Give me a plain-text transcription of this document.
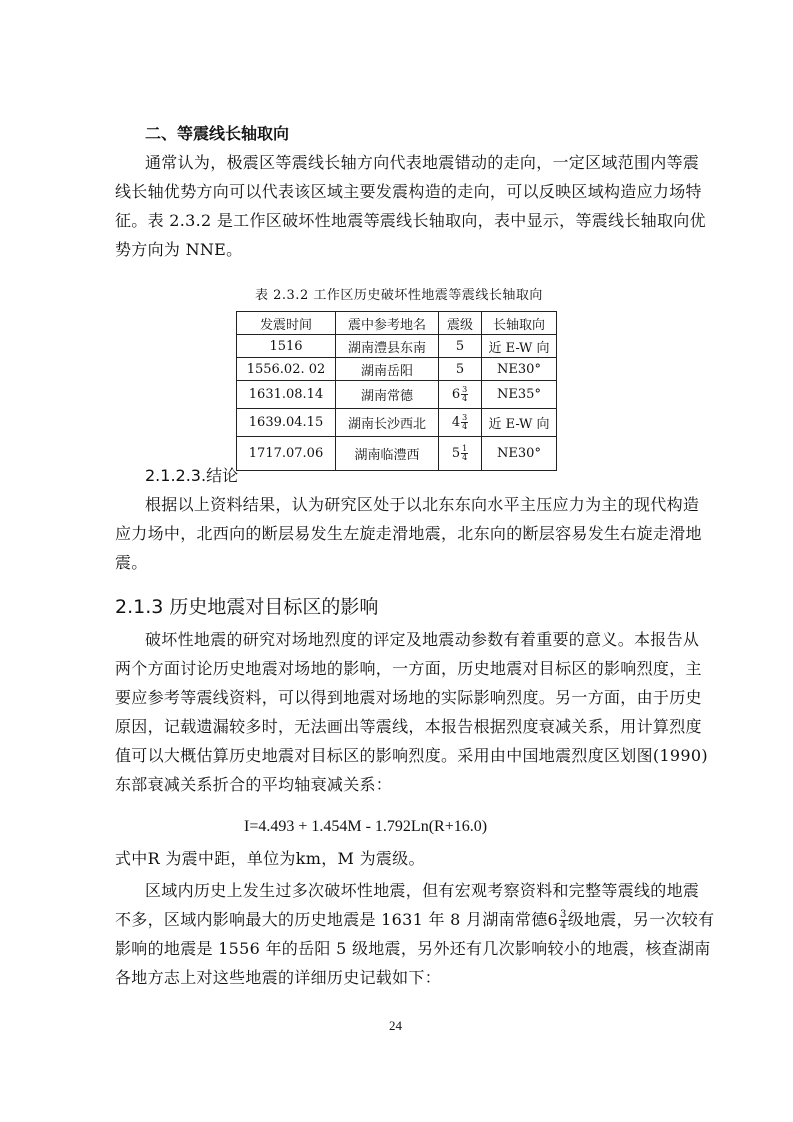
二、等震线长轴取向
通常认为，极震区等震线长轴方向代表地震错动的走向，一定区域范围内等震
线长轴优势方向可以代表该区域主要发震构造的走向，可以反映区域构造应力场特
征。表 2.3.2 是工作区破坏性地震等震线长轴取向，表中显示，等震线长轴取向优
势方向为 NNE。
表 2.3.2 工作区历史破坏性地震等震线长轴取向
发震时间	震中参考地名	震级	长轴取向
1516	湖南澧县东南	5	近 E-W 向
1556.02. 02	湖南岳阳	5	NE30°
1631.08.14	湖南常德	$6 \frac{3}{4}$	NE35°
1639.04.15	湖南长沙西北	$4 \frac{3}{4}$	近 E-W 向
1717.07.06	湖南临澧西	$5 \frac{1}{4}$	NE30°
2.1.2.3.结论
根据以上资料结果，认为研究区处于以北东东向水平主压应力为主的现代构造
应力场中，北西向的断层易发生左旋走滑地震，北东向的断层容易发生右旋走滑地
震。
2.1.3 历史地震对目标区的影响
破坏性地震的研究对场地烈度的评定及地震动参数有着重要的意义。本报告从
两个方面讨论历史地震对场地的影响，一方面，历史地震对目标区的影响烈度，主
要应参考等震线资料，可以得到地震对场地的实际影响烈度。另一方面，由于历史
原因，记载遗漏较多时，无法画出等震线，本报告根据烈度衰减关系，用计算烈度
值可以大概估算历史地震对目标区的影响烈度。采用由中国地震烈度区划图(1990)
东部衰减关系折合的平均轴衰减关系：
I=4.493 + 1.454M - 1.792Ln(R+16.0)
式中R 为震中距，单位为km，M 为震级。
区域内历史上发生过多次破坏性地震，但有宏观考察资料和完整等震线的地震
不多，区域内影响最大的历史地震是 1631 年 8 月湖南常德$6 \frac{3}{4}$ 级地震，另一次较有
影响的地震是 1556 年的岳阳 5 级地震，另外还有几次影响较小的地震，核查湖南
各地方志上对这些地震的详细历史记载如下：
24
